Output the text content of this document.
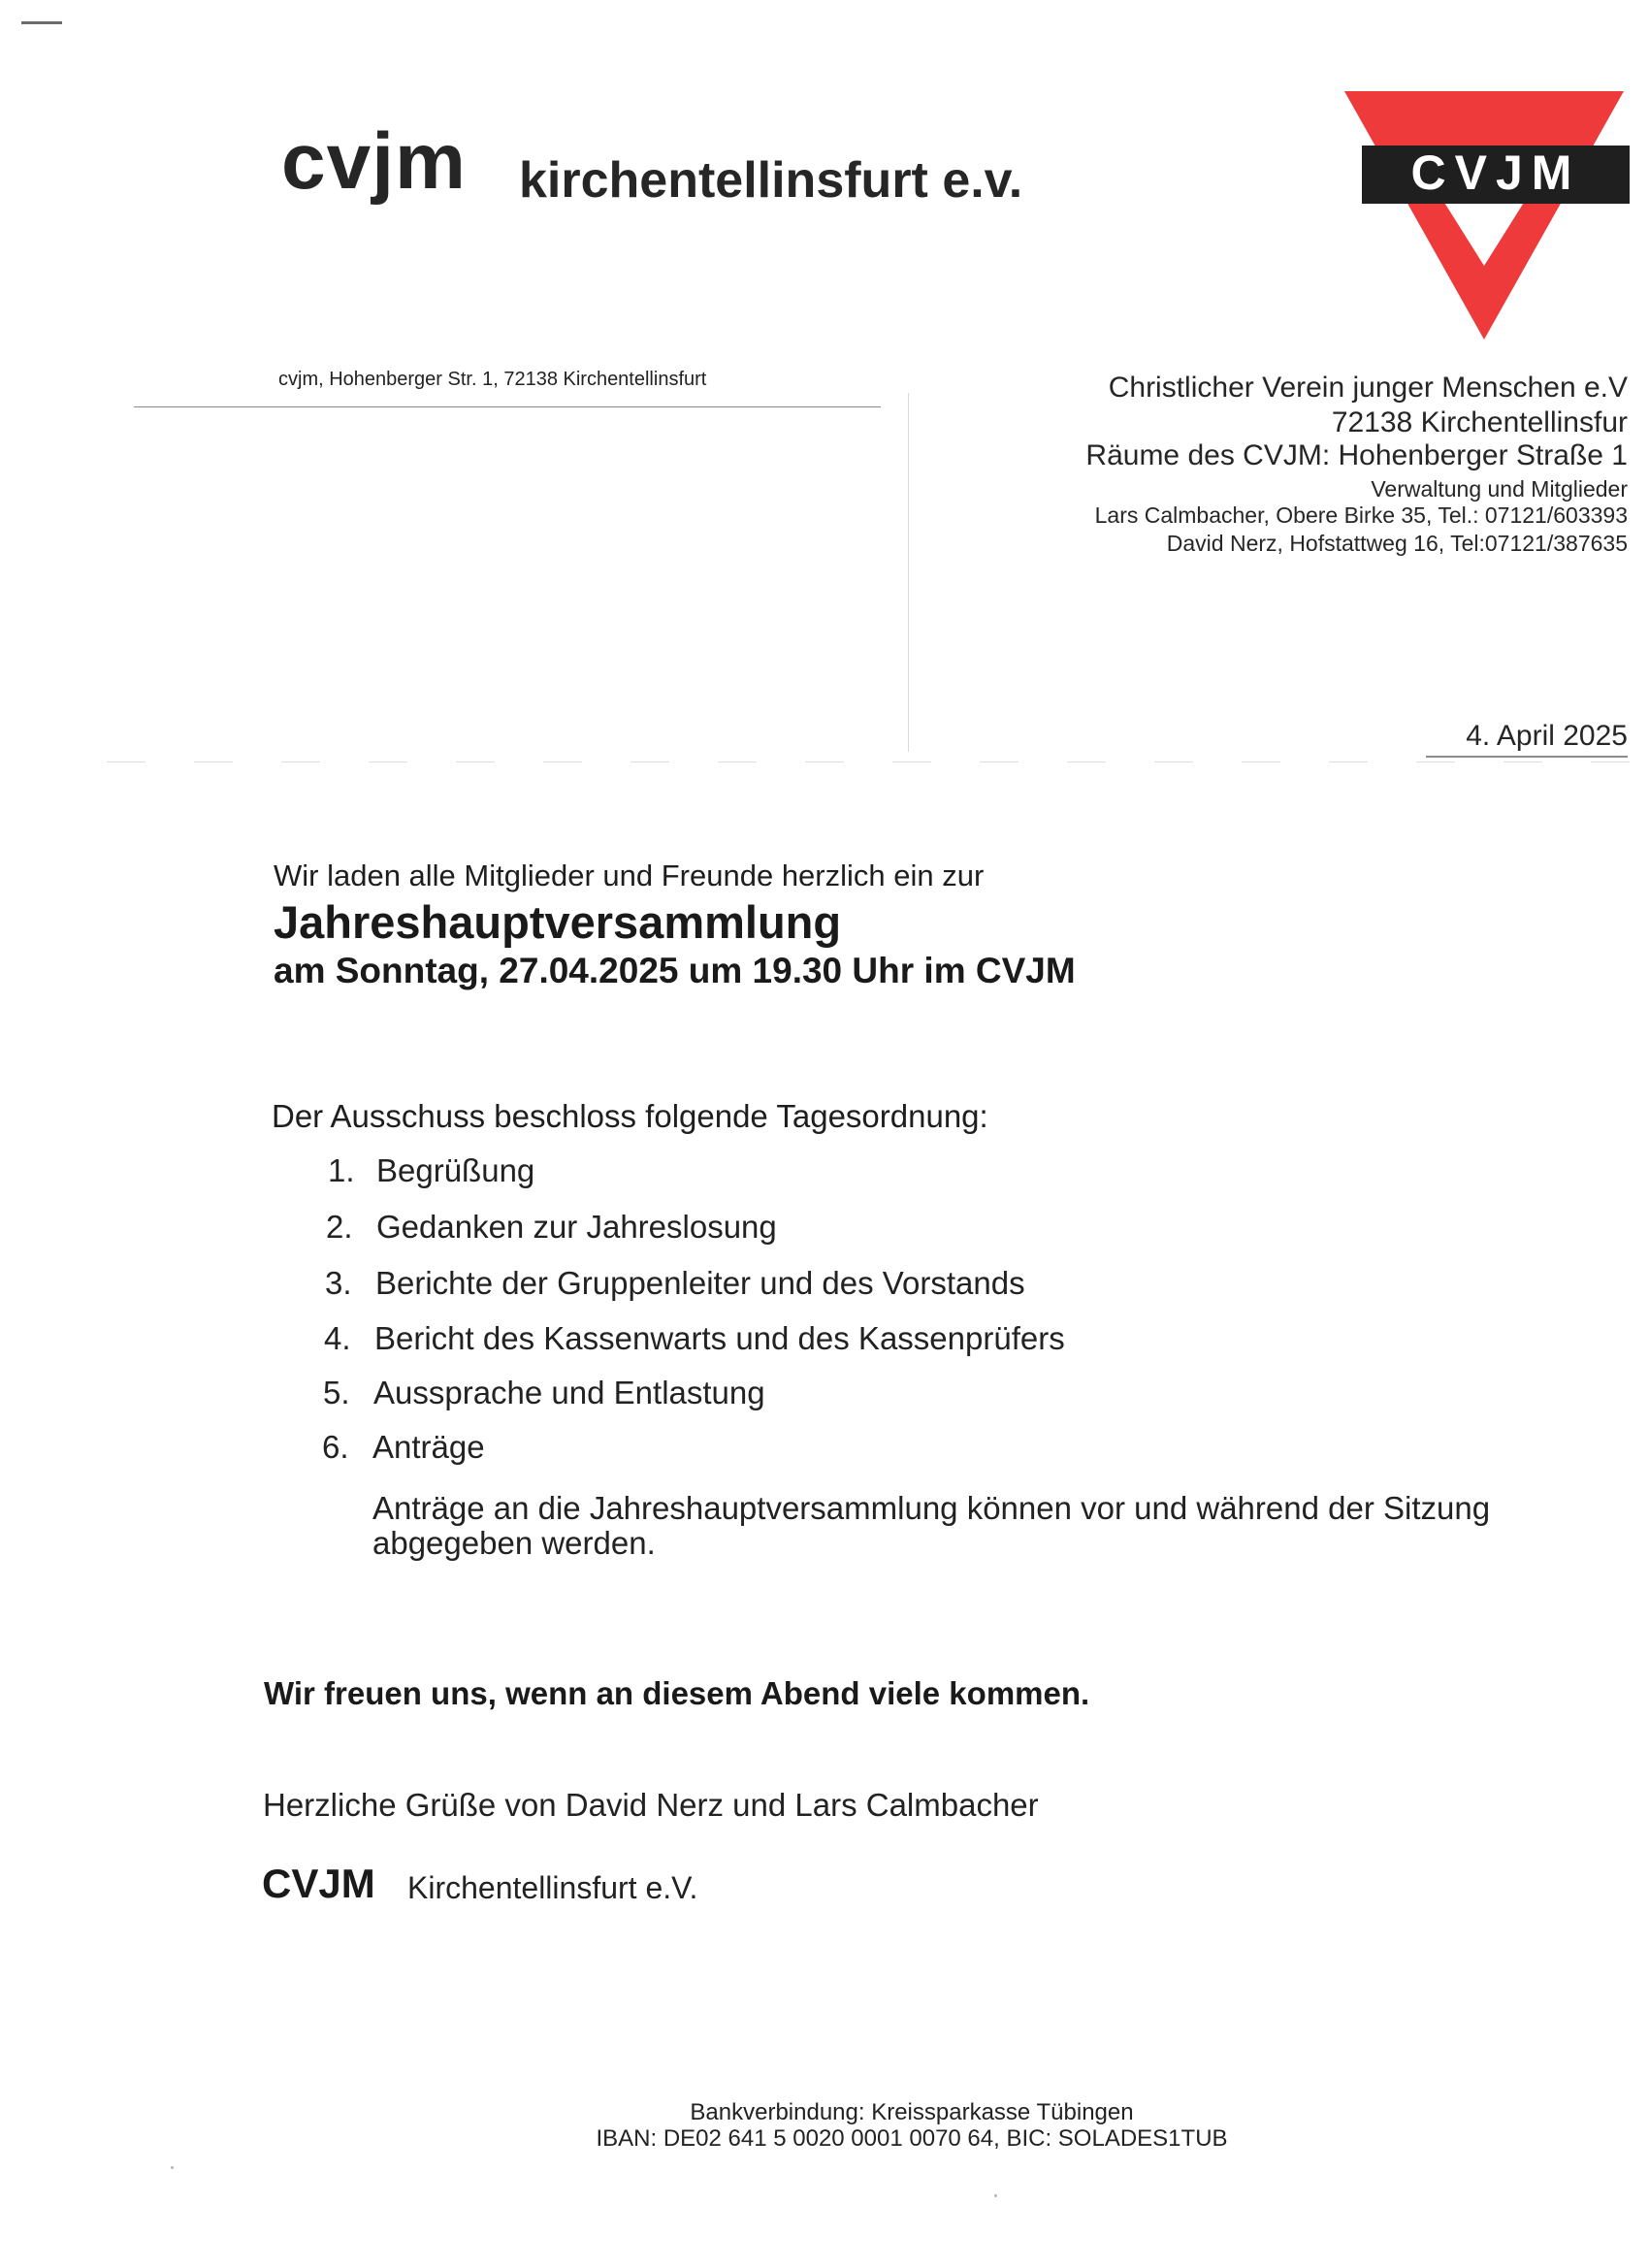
cvjm kirchentellinsfurt e.v.	CVJM
cvjm, Hohenberger Str. 1, 72138 Kirchentellinsfurt	Christlicher Verein junger Menschen e.V
72138 Kirchentellinsfur
Räume des CVJM: Hohenberger Straße 1
Verwaltung und Mitglieder
Lars Calmbacher, Obere Birke 35, Tel.: 07121/603393
David Nerz, Hofstattweg 16, Tel:07121/387635
4. April 2025
Wir laden alle Mitglieder und Freunde herzlich ein zur
Jahreshauptversammlung
am Sonntag, 27.04.2025 um 19.30 Uhr im CVJM
Der Ausschuss beschloss folgende Tagesordnung:
1. Begrüßung
2. Gedanken zur Jahreslosung
3. Berichte der Gruppenleiter und des Vorstands
4. Bericht des Kassenwarts und des Kassenprüfers
5. Aussprache und Entlastung
6. Anträge
Anträge an die Jahreshauptversammlung können vor und während der Sitzung abgegeben werden.
Wir freuen uns, wenn an diesem Abend viele kommen.
Herzliche Grüße von David Nerz und Lars Calmbacher
CVJM Kirchentellinsfurt e.V.
Bankverbindung: Kreissparkasse Tübingen
IBAN: DE02 641 5 0020 0001 0070 64, BIC: SOLADES1TUB
